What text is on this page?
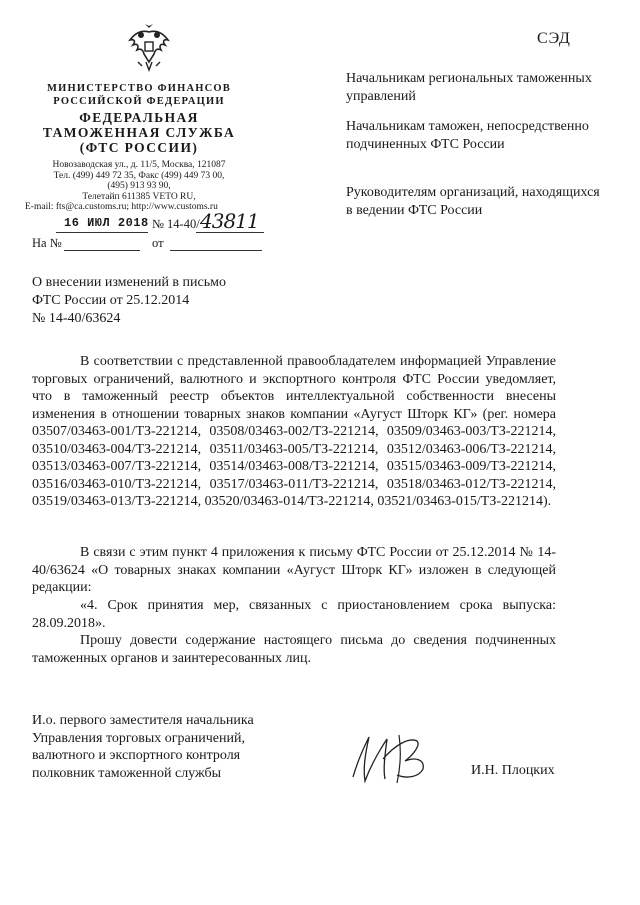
СЭД
МИНИСТЕРСТВО ФИНАНСОВ
РОССИЙСКОЙ ФЕДЕРАЦИИ
ФЕДЕРАЛЬНАЯ
ТАМОЖЕННАЯ СЛУЖБА
(ФТС РОССИИ)
Новозаводская ул., д. 11/5, Москва, 121087
Тел. (499) 449 72 35, Факс (499) 449 73 00,
(495) 913 93 90,
Телетайп 611385 VETO RU,
E-mail: fts@ca.customs.ru; http://www.customs.ru
16 ИЮЛ 2018 № 14-40/ 43811
На №	от
Начальникам региональных таможенных управлений
Начальникам таможен, непосредственно подчиненных ФТС России
Руководителям организаций, находящихся в ведении ФТС России
О внесении изменений в письмо
ФТС России от 25.12.2014
№ 14-40/63624
В соответствии с представленной правообладателем информацией Управление торговых ограничений, валютного и экспортного контроля ФТС России уведомляет, что в таможенный реестр объектов интеллектуальной собственности внесены изменения в отношении товарных знаков компании «Аугуст Шторк КГ» (рег. номера 03507/03463-001/ТЗ-221214, 03508/03463-002/ТЗ-221214, 03509/03463-003/ТЗ-221214, 03510/03463-004/ТЗ-221214, 03511/03463-005/ТЗ-221214, 03512/03463-006/ТЗ-221214, 03513/03463-007/ТЗ-221214, 03514/03463-008/ТЗ-221214, 03515/03463-009/ТЗ-221214, 03516/03463-010/ТЗ-221214, 03517/03463-011/ТЗ-221214, 03518/03463-012/ТЗ-221214, 03519/03463-013/ТЗ-221214, 03520/03463-014/ТЗ-221214, 03521/03463-015/ТЗ-221214).
В связи с этим пункт 4 приложения к письму ФТС России от 25.12.2014 № 14-40/63624 «О товарных знаках компании «Аугуст Шторк КГ» изложен в следующей редакции:
«4. Срок принятия мер, связанных с приостановлением срока выпуска: 28.09.2018».
Прошу довести содержание настоящего письма до сведения подчиненных таможенных органов и заинтересованных лиц.
И.о. первого заместителя начальника
Управления торговых ограничений,
валютного и экспортного контроля
полковник таможенной службы	И.Н. Плоцких
